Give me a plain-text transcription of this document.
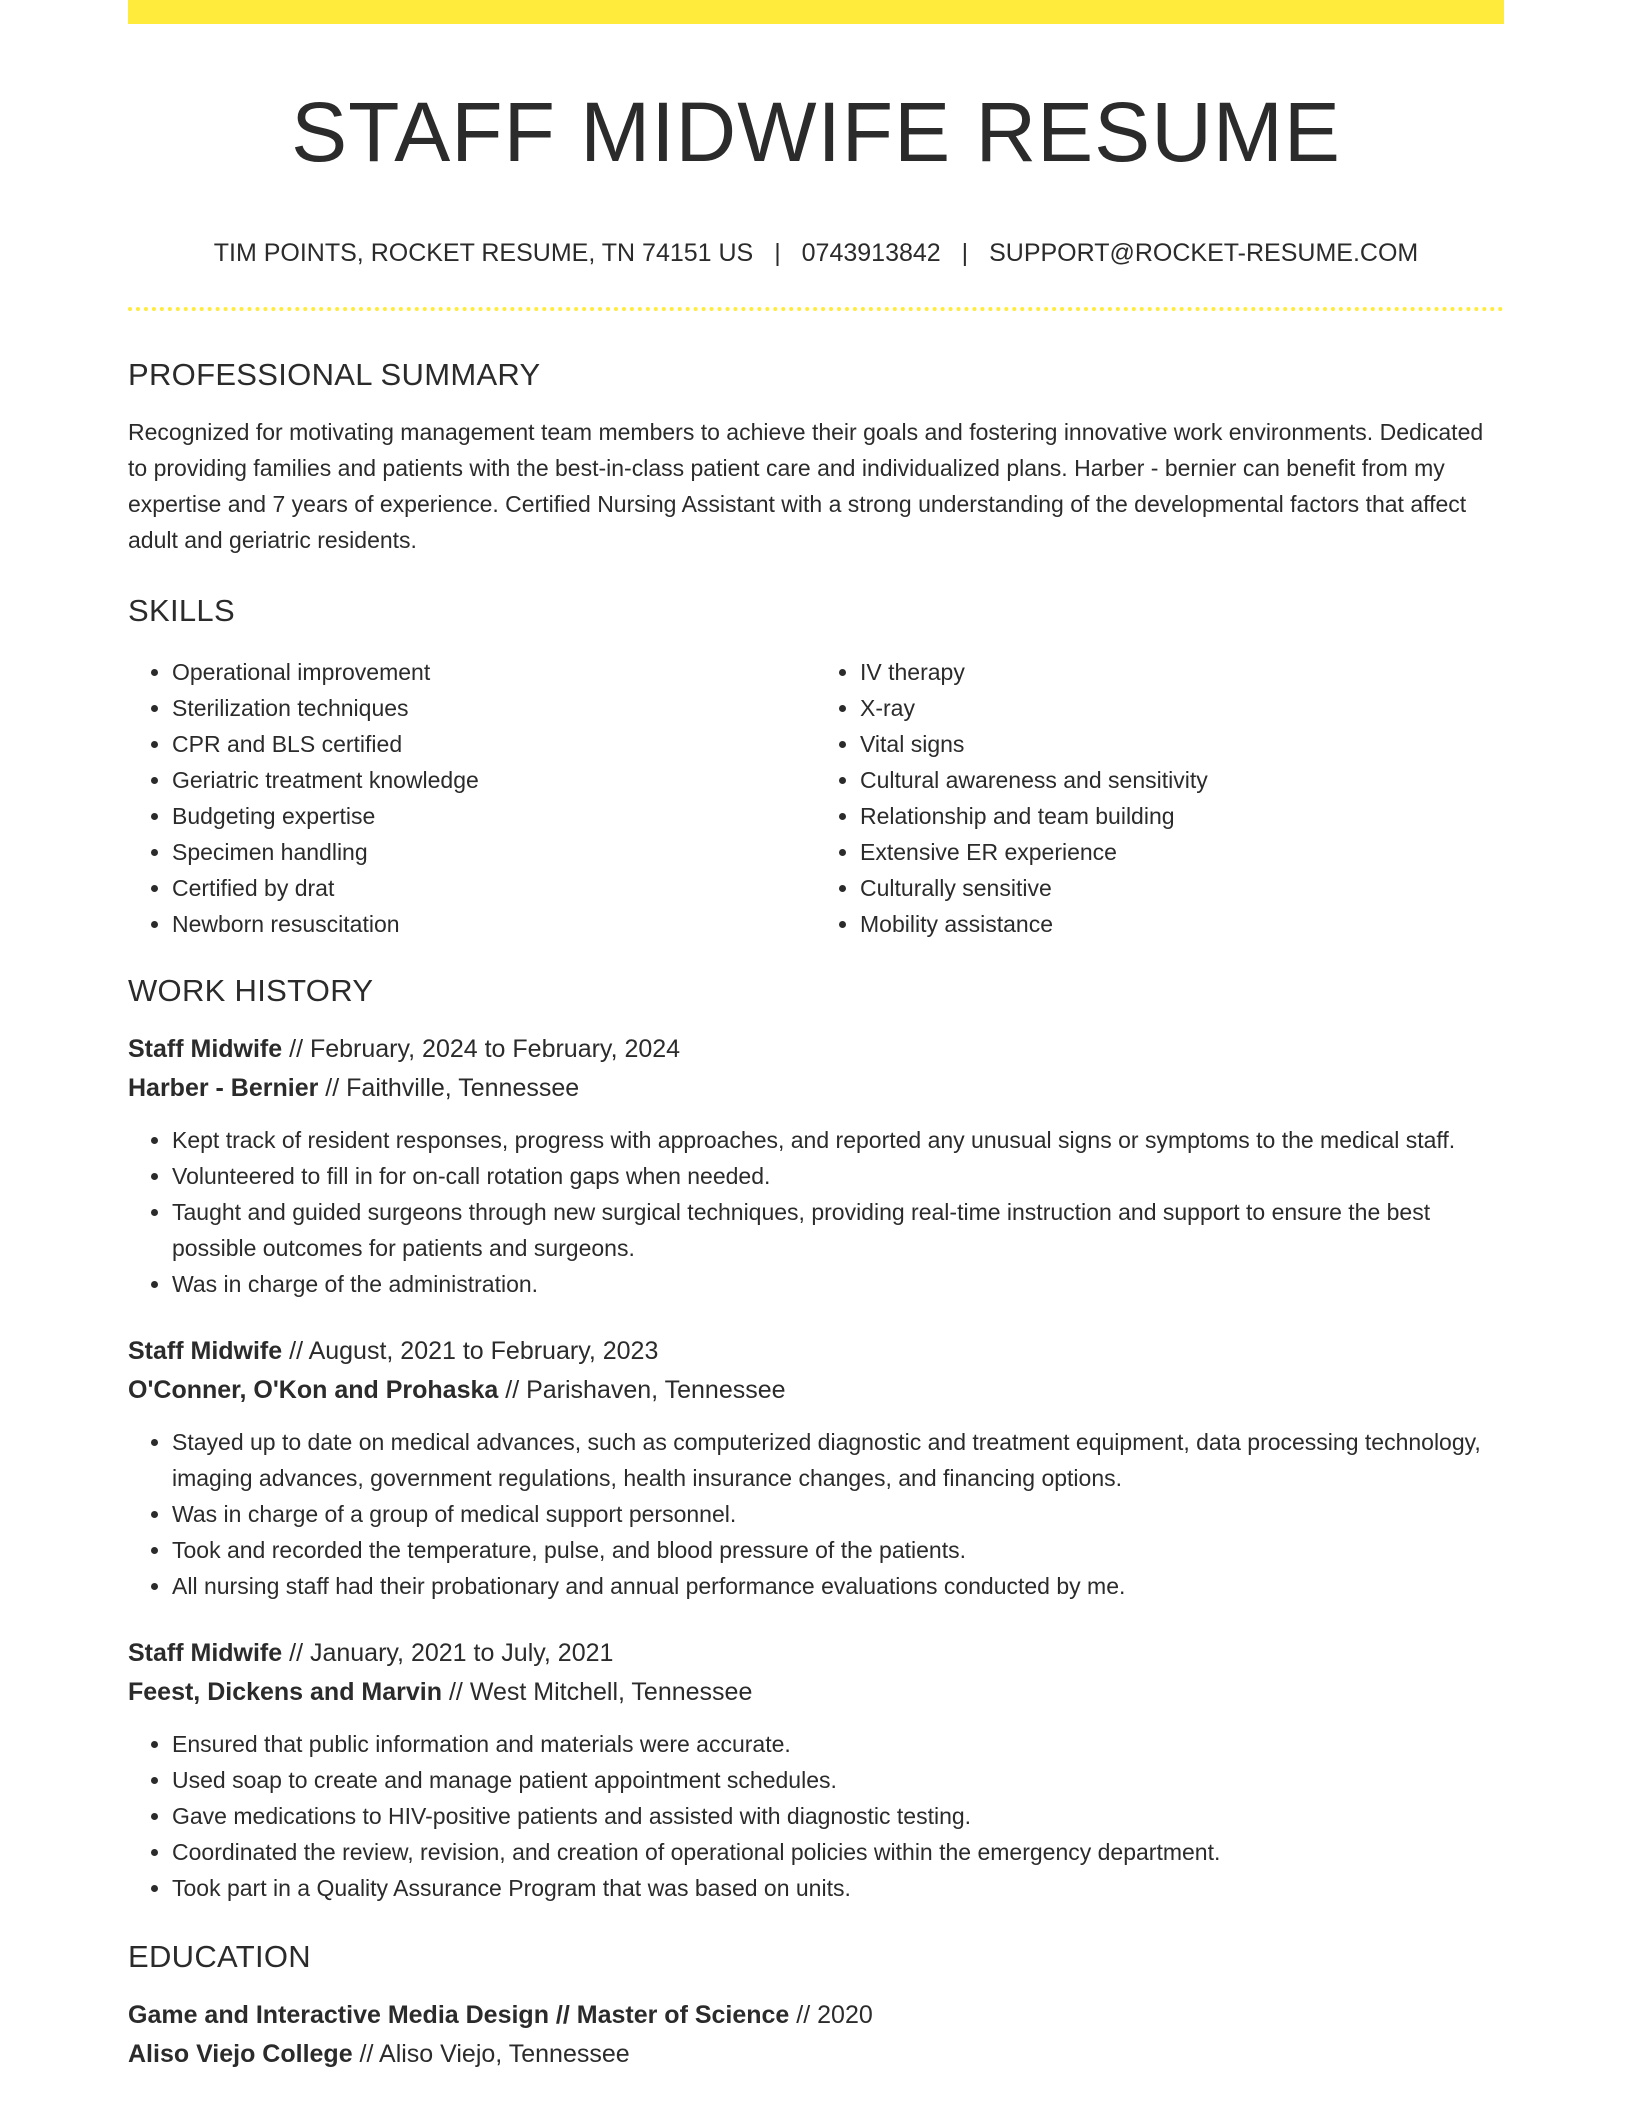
STAFF MIDWIFE RESUME
TIM POINTS, ROCKET RESUME, TN 74151 US | 0743913842 | SUPPORT@ROCKET-RESUME.COM
PROFESSIONAL SUMMARY

Recognized for motivating management team members to achieve their goals and fostering innovative work environments. Dedicated to providing families and patients with the best-in-class patient care and individualized plans. Harber - bernier can benefit from my expertise and 7 years of experience. Certified Nursing Assistant with a strong understanding of the developmental factors that affect adult and geriatric residents.

SKILLS
• Operational improvement
• Sterilization techniques
• CPR and BLS certified
• Geriatric treatment knowledge
• Budgeting expertise
• Specimen handling
• Certified by drat
• Newborn resuscitation
• IV therapy
• X-ray
• Vital signs
• Cultural awareness and sensitivity
• Relationship and team building
• Extensive ER experience
• Culturally sensitive
• Mobility assistance
WORK HISTORY
Staff Midwife // February, 2024 to February, 2024
Harber - Bernier // Faithville, Tennessee
• Kept track of resident responses, progress with approaches, and reported any unusual signs or symptoms to the medical staff.
• Volunteered to fill in for on-call rotation gaps when needed.
• Taught and guided surgeons through new surgical techniques, providing real-time instruction and support to ensure the best possible outcomes for patients and surgeons.
• Was in charge of the administration.
Staff Midwife // August, 2021 to February, 2023
O'Conner, O'Kon and Prohaska // Parishaven, Tennessee
• Stayed up to date on medical advances, such as computerized diagnostic and treatment equipment, data processing technology, imaging advances, government regulations, health insurance changes, and financing options.
• Was in charge of a group of medical support personnel.
• Took and recorded the temperature, pulse, and blood pressure of the patients.
• All nursing staff had their probationary and annual performance evaluations conducted by me.
Staff Midwife // January, 2021 to July, 2021
Feest, Dickens and Marvin // West Mitchell, Tennessee
• Ensured that public information and materials were accurate.
• Used soap to create and manage patient appointment schedules.
• Gave medications to HIV-positive patients and assisted with diagnostic testing.
• Coordinated the review, revision, and creation of operational policies within the emergency department.
• Took part in a Quality Assurance Program that was based on units.
EDUCATION
Game and Interactive Media Design // Master of Science // 2020
Aliso Viejo College // Aliso Viejo, Tennessee
